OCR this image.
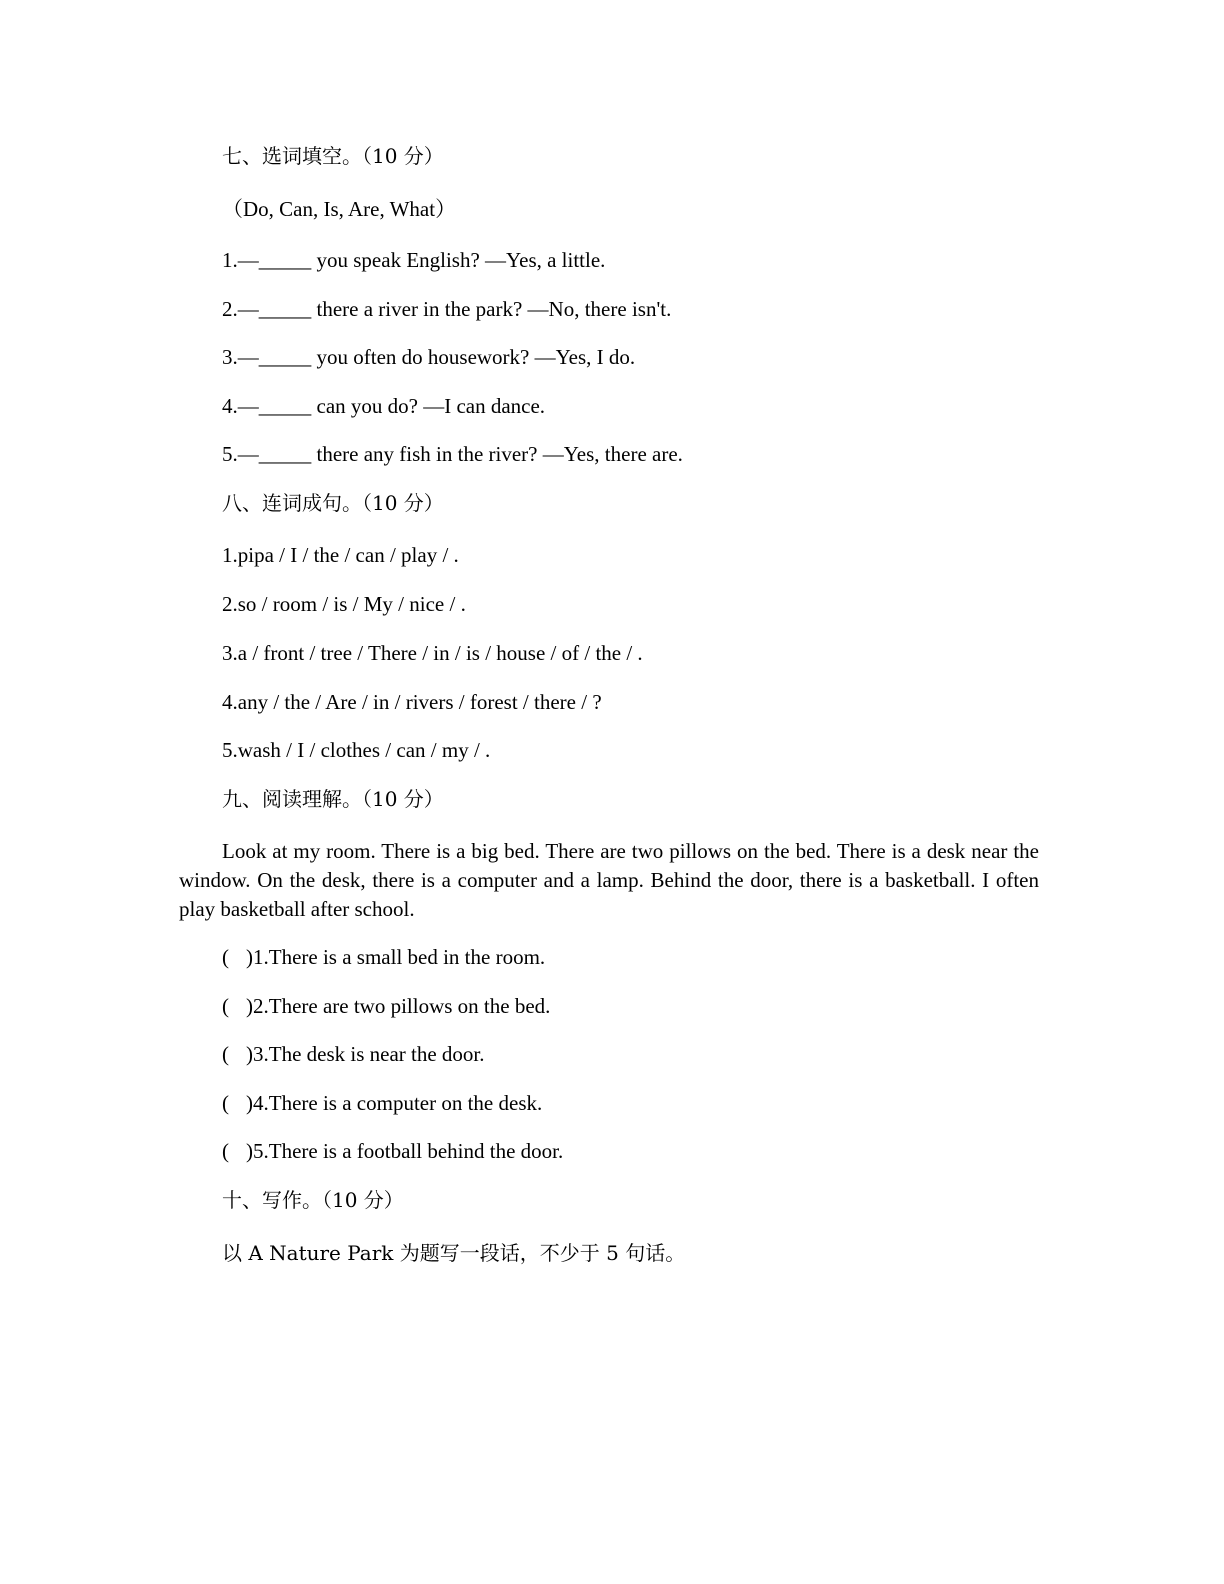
七、选词填空。（10 分）
（Do, Can, Is, Are, What）
1.—_____ you speak English? —Yes, a little.
2.—_____ there a river in the park? —No, there isn't.
3.—_____ you often do housework? —Yes, I do.
4.—_____ can you do? —I can dance.
5.—_____ there any fish in the river? —Yes, there are.
八、连词成句。（10 分）
1.pipa / I / the / can / play / .
2.so / room / is / My / nice / .
3.a / front / tree / There / in / is / house / of / the / .
4.any / the / Are / in / rivers / forest / there / ?
5.wash / I / clothes / can / my / .
九、阅读理解。（10 分）
Look at my room. There is a big bed. There are two pillows on the bed. There is a desk near the window. On the desk, there is a computer and a lamp. Behind the door, there is a basketball. I often play basketball after school.
( )1.There is a small bed in the room.
( )2.There are two pillows on the bed.
( )3.The desk is near the door.
( )4.There is a computer on the desk.
( )5.There is a football behind the door.
十、写作。（10 分）
以 A Nature Park 为题写一段话，不少于 5 句话。
